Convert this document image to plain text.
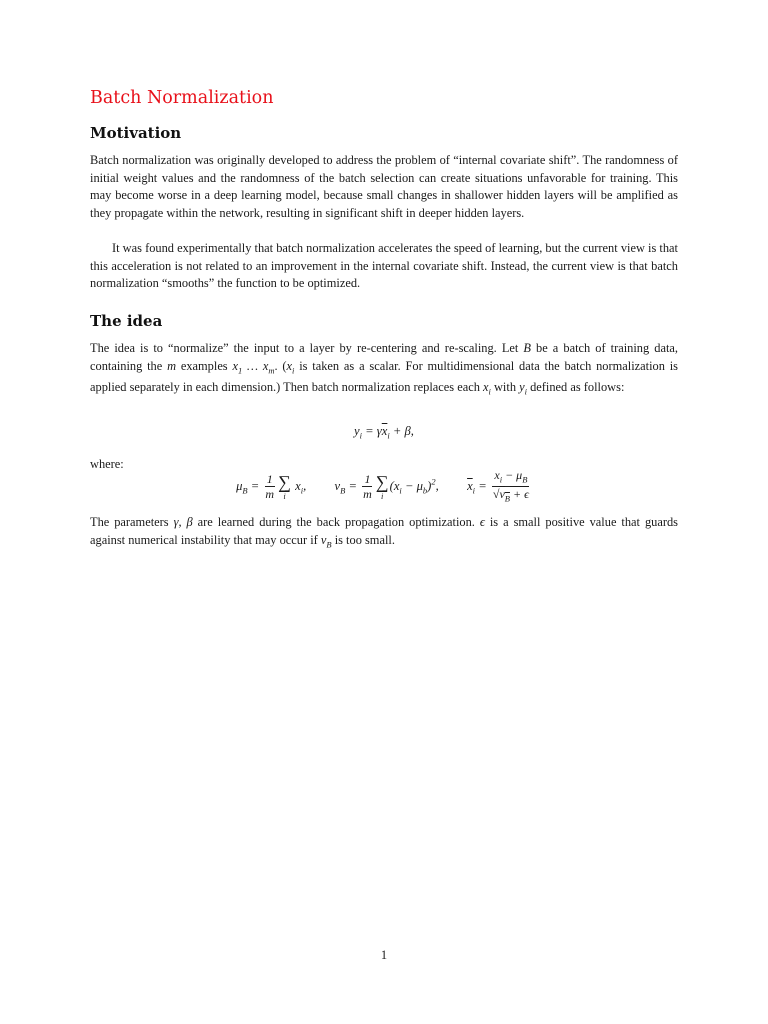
Batch Normalization
Motivation

Batch normalization was originally developed to address the problem of “internal covariate shift”. The randomness of initial weight values and the randomness of the batch selection can create situations unfavorable for training. This may become worse in a deep learning model, because small changes in shallower hidden layers will be amplified as they propagate within the network, resulting in significant shift in deeper hidden layers.

It was found experimentally that batch normalization accelerates the speed of learning, but the current view is that this acceleration is not related to an improvement in the internal covariate shift. Instead, the current view is that batch normalization “smooths” the function to be optimized.

The idea

The idea is to “normalize” the input to a layer by re-centering and re-scaling. Let B be a batch of training data, containing the m examples $x_1$ … $x_m$. ($x_i$ is taken as a scalar. For multidimensional data the batch normalization is applied separately in each dimension.) Then batch normalization replaces each $x_i$ with $y_i$ defined as follows:

$y_i = \gamma\overline{x}_i + \beta$,

where:

$\mu_B = \frac{1}{m}$ ∑
i
$x_i$,  $v_B = \frac{1}{m}$ ∑
i
$(x_i - \mu_b)^2$,  $\overline{x}_i = \frac{x_i - \mu_B}{√v_B + \epsilon}$

The parameters γ, β are learned during the back propagation optimization. ϵ is a small positive value that guards against numerical instability that may occur if $v_B$ is too small.

1
